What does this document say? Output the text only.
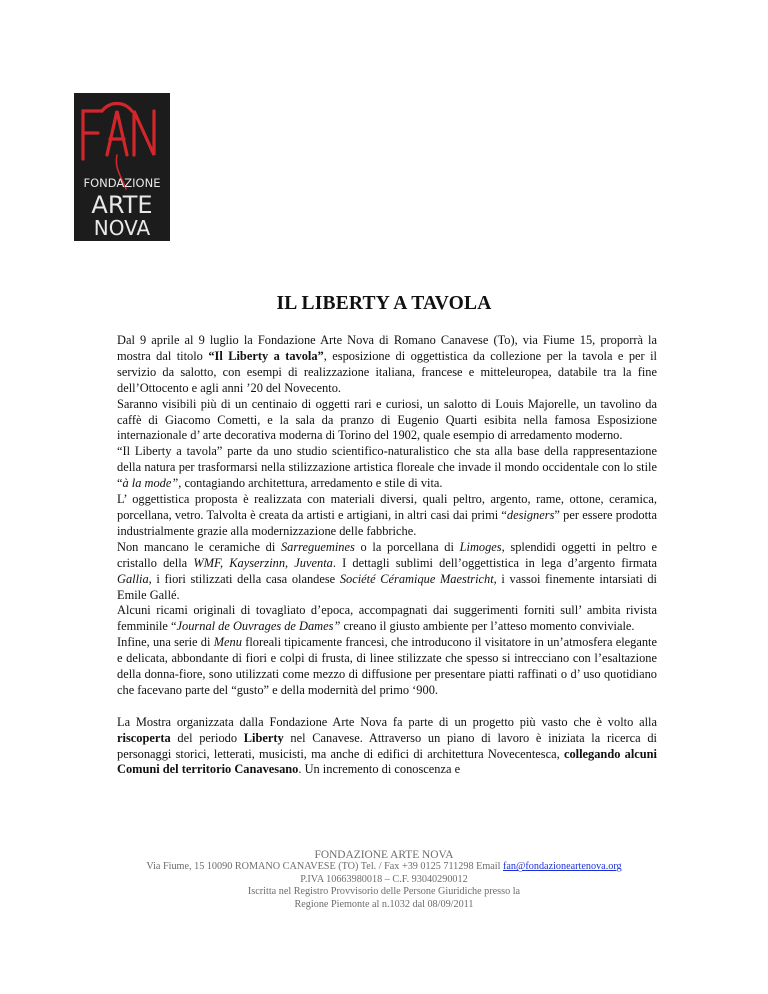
FONDAZIONE
ARTE
NOVA
IL LIBERTY A TAVOLA

Dal 9 aprile al 9 luglio la Fondazione Arte Nova di Romano Canavese (To), via Fiume 15, proporrà la mostra dal titolo “Il Liberty a tavola”, esposizione di oggettistica da collezione per la tavola e per il servizio da salotto, con esempi di realizzazione italiana, francese e mitteleuropea, databile tra la fine dell’Ottocento e agli anni ’20 del Novecento.

Saranno visibili più di un centinaio di oggetti rari e curiosi, un salotto di Louis Majorelle, un tavolino da caffè di Giacomo Cometti, e la sala da pranzo di Eugenio Quarti esibita nella famosa Esposizione internazionale d’ arte decorativa moderna di Torino del 1902, quale esempio di arredamento moderno.

“Il Liberty a tavola” parte da uno studio scientifico-naturalistico che sta alla base della rappresentazione della natura per trasformarsi nella stilizzazione artistica floreale che invade il mondo occidentale con lo stile “à la mode”, contagiando architettura, arredamento e stile di vita.

L’ oggettistica proposta è realizzata con materiali diversi, quali peltro, argento, rame, ottone, ceramica, porcellana, vetro. Talvolta è creata da artisti e artigiani, in altri casi dai primi “designers” per essere prodotta industrialmente grazie alla modernizzazione delle fabbriche.

Non mancano le ceramiche di Sarreguemines o la porcellana di Limoges, splendidi oggetti in peltro e cristallo della WMF, Kayserzinn, Juventa. I dettagli sublimi dell’oggettistica in lega d’argento firmata Gallia, i fiori stilizzati della casa olandese Société Céramique Maestricht, i vassoi finemente intarsiati di Emile Gallé.

Alcuni ricami originali di tovagliato d’epoca, accompagnati dai suggerimenti forniti sull’ ambita rivista femminile “Journal de Ouvrages de Dames” creano il giusto ambiente per l’atteso momento conviviale.

Infine, una serie di Menu floreali tipicamente francesi, che introducono il visitatore in un’atmosfera elegante e delicata, abbondante di fiori e colpi di frusta, di linee stilizzate che spesso si intrecciano con l’esaltazione della donna-fiore, sono utilizzati come mezzo di diffusione per presentare piatti raffinati o d’ uso quotidiano che facevano parte del “gusto” e della modernità del primo ‘900.

La Mostra organizzata dalla Fondazione Arte Nova fa parte di un progetto più vasto che è volto alla riscoperta del periodo Liberty nel Canavese. Attraverso un piano di lavoro è iniziata la ricerca di personaggi storici, letterati, musicisti, ma anche di edifici di architettura Novecentesca, collegando alcuni Comuni del territorio Canavesano. Un incremento di conoscenza e

FONDAZIONE ARTE NOVA
Via Fiume, 15 10090 ROMANO CANAVESE (TO) Tel. / Fax +39 0125 711298 Email fan@fondazioneartenova.org
P.IVA 10663980018 – C.F. 93040290012
Iscritta nel Registro Provvisorio delle Persone Giuridiche presso la
Regione Piemonte al n.1032 dal 08/09/2011
